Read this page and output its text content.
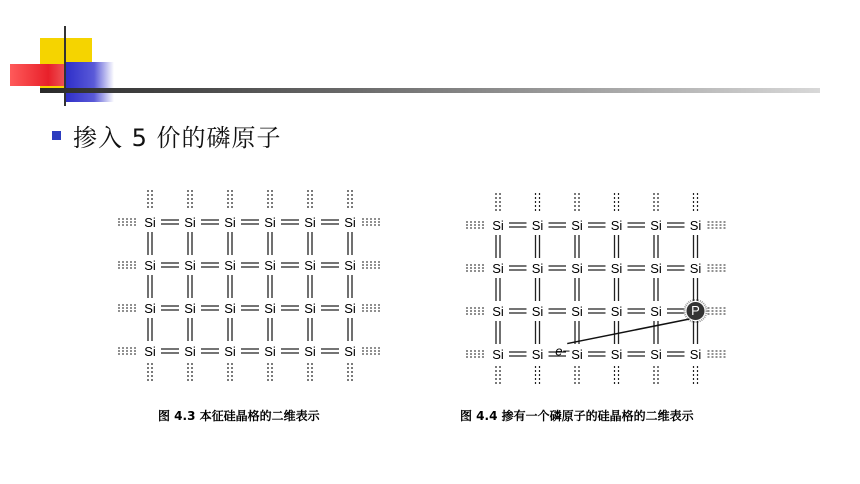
掺入 5 价的磷原子
Si Si Si Si Si Si
Si Si Si Si Si Si
Si Si Si Si Si Si
Si Si Si Si Si Si
图 4.3 本征硅晶格的二维表示
Si Si Si Si Si Si
Si Si Si Si Si Si
Si Si Si Si Si P
Si Si Si Si Si Si
e−
图 4.4 掺有一个磷原子的硅晶格的二维表示
